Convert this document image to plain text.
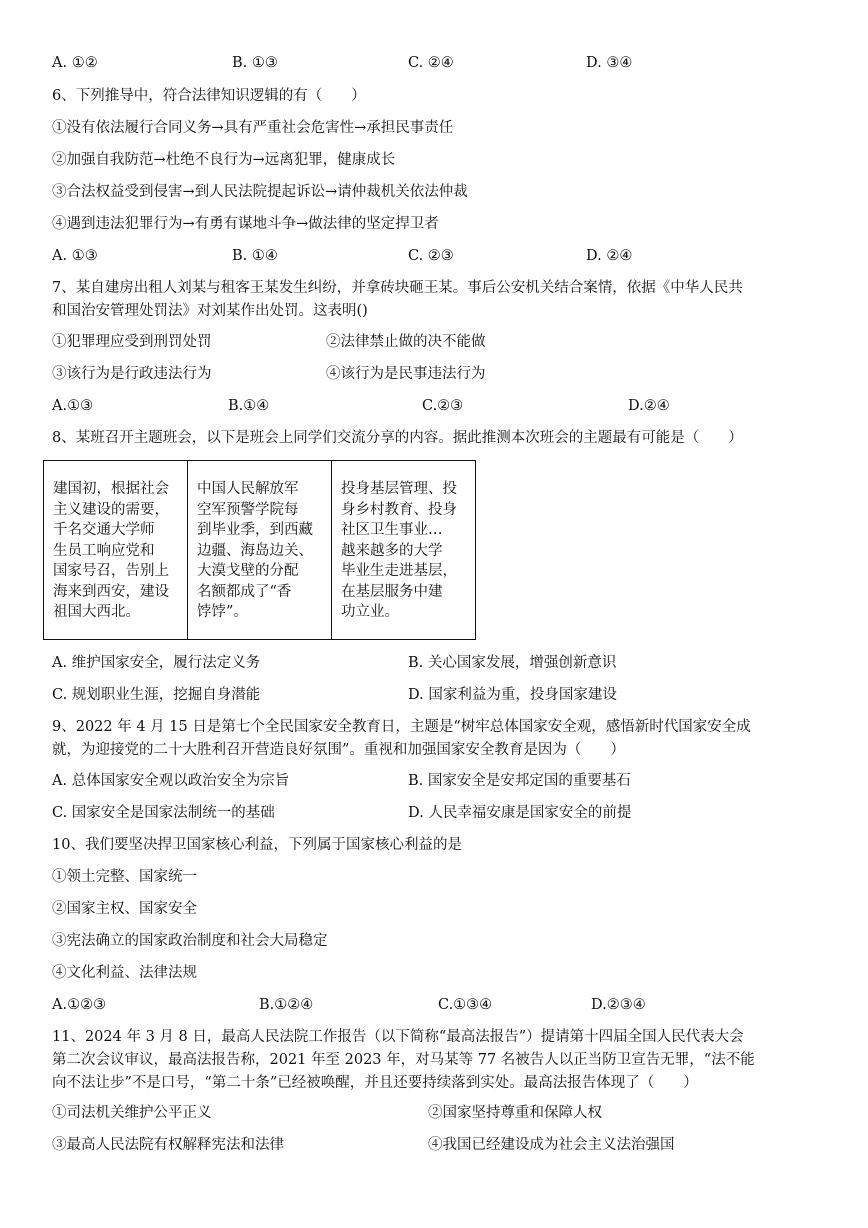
A. ①②	B. ①③	C. ②④	D. ③④
6、下列推导中，符合法律知识逻辑的有（　　）
①没有依法履行合同义务→具有严重社会危害性→承担民事责任
②加强自我防范→杜绝不良行为→远离犯罪，健康成长
③合法权益受到侵害→到人民法院提起诉讼→请仲裁机关依法仲裁
④遇到违法犯罪行为→有勇有谋地斗争→做法律的坚定捍卫者
A. ①③	B. ①④	C. ②③	D. ②④
7、某自建房出租人刘某与租客王某发生纠纷，并拿砖块砸王某。事后公安机关结合案情，依据《中华人民共
和国治安管理处罚法》对刘某作出处罚。这表明()
①犯罪理应受到刑罚处罚	②法律禁止做的决不能做
③该行为是行政违法行为	④该行为是民事违法行为
A.①③	B.①④	C.②③	D.②④
8、某班召开主题班会，以下是班会上同学们交流分享的内容。据此推测本次班会的主题最有可能是（　　）
建国初，根据社会
主义建设的需要，
千名交通大学师
生员工响应党和
国家号召，告别上
海来到西安，建设
祖国大西北。
中国人民解放军
空军预警学院每
到毕业季，到西藏
边疆、海岛边关、
大漠戈壁的分配
名额都成了“香
饽饽”。
投身基层管理、投
身乡村教育、投身
社区卫生事业…
越来越多的大学
毕业生走进基层，
在基层服务中建
功立业。
A. 维护国家安全，履行法定义务	B. 关心国家发展，增强创新意识
C. 规划职业生涯，挖掘自身潜能	D. 国家利益为重，投身国家建设
9、2022 年 4 月 15 日是第七个全民国家安全教育日，主题是“树牢总体国家安全观，感悟新时代国家安全成
就，为迎接党的二十大胜利召开营造良好氛围”。重视和加强国家安全教育是因为（　　）
A. 总体国家安全观以政治安全为宗旨	B. 国家安全是安邦定国的重要基石
C. 国家安全是国家法制统一的基础	D. 人民幸福安康是国家安全的前提
10、我们要坚决捍卫国家核心利益，下列属于国家核心利益的是
①领土完整、国家统一
②国家主权、国家安全
③宪法确立的国家政治制度和社会大局稳定
④文化利益、法律法规
A.①②③	B.①②④	C.①③④	D.②③④
11、2024 年 3 月 8 日，最高人民法院工作报告（以下简称“最高法报告”）提请第十四届全国人民代表大会
第二次会议审议，最高法报告称，2021 年至 2023 年，对马某等 77 名被告人以正当防卫宣告无罪，“法不能
向不法让步”不是口号，“第二十条”已经被唤醒，并且还要持续落到实处。最高法报告体现了（　　）
①司法机关维护公平正义	②国家坚持尊重和保障人权
③最高人民法院有权解释宪法和法律	④我国已经建设成为社会主义法治强国
